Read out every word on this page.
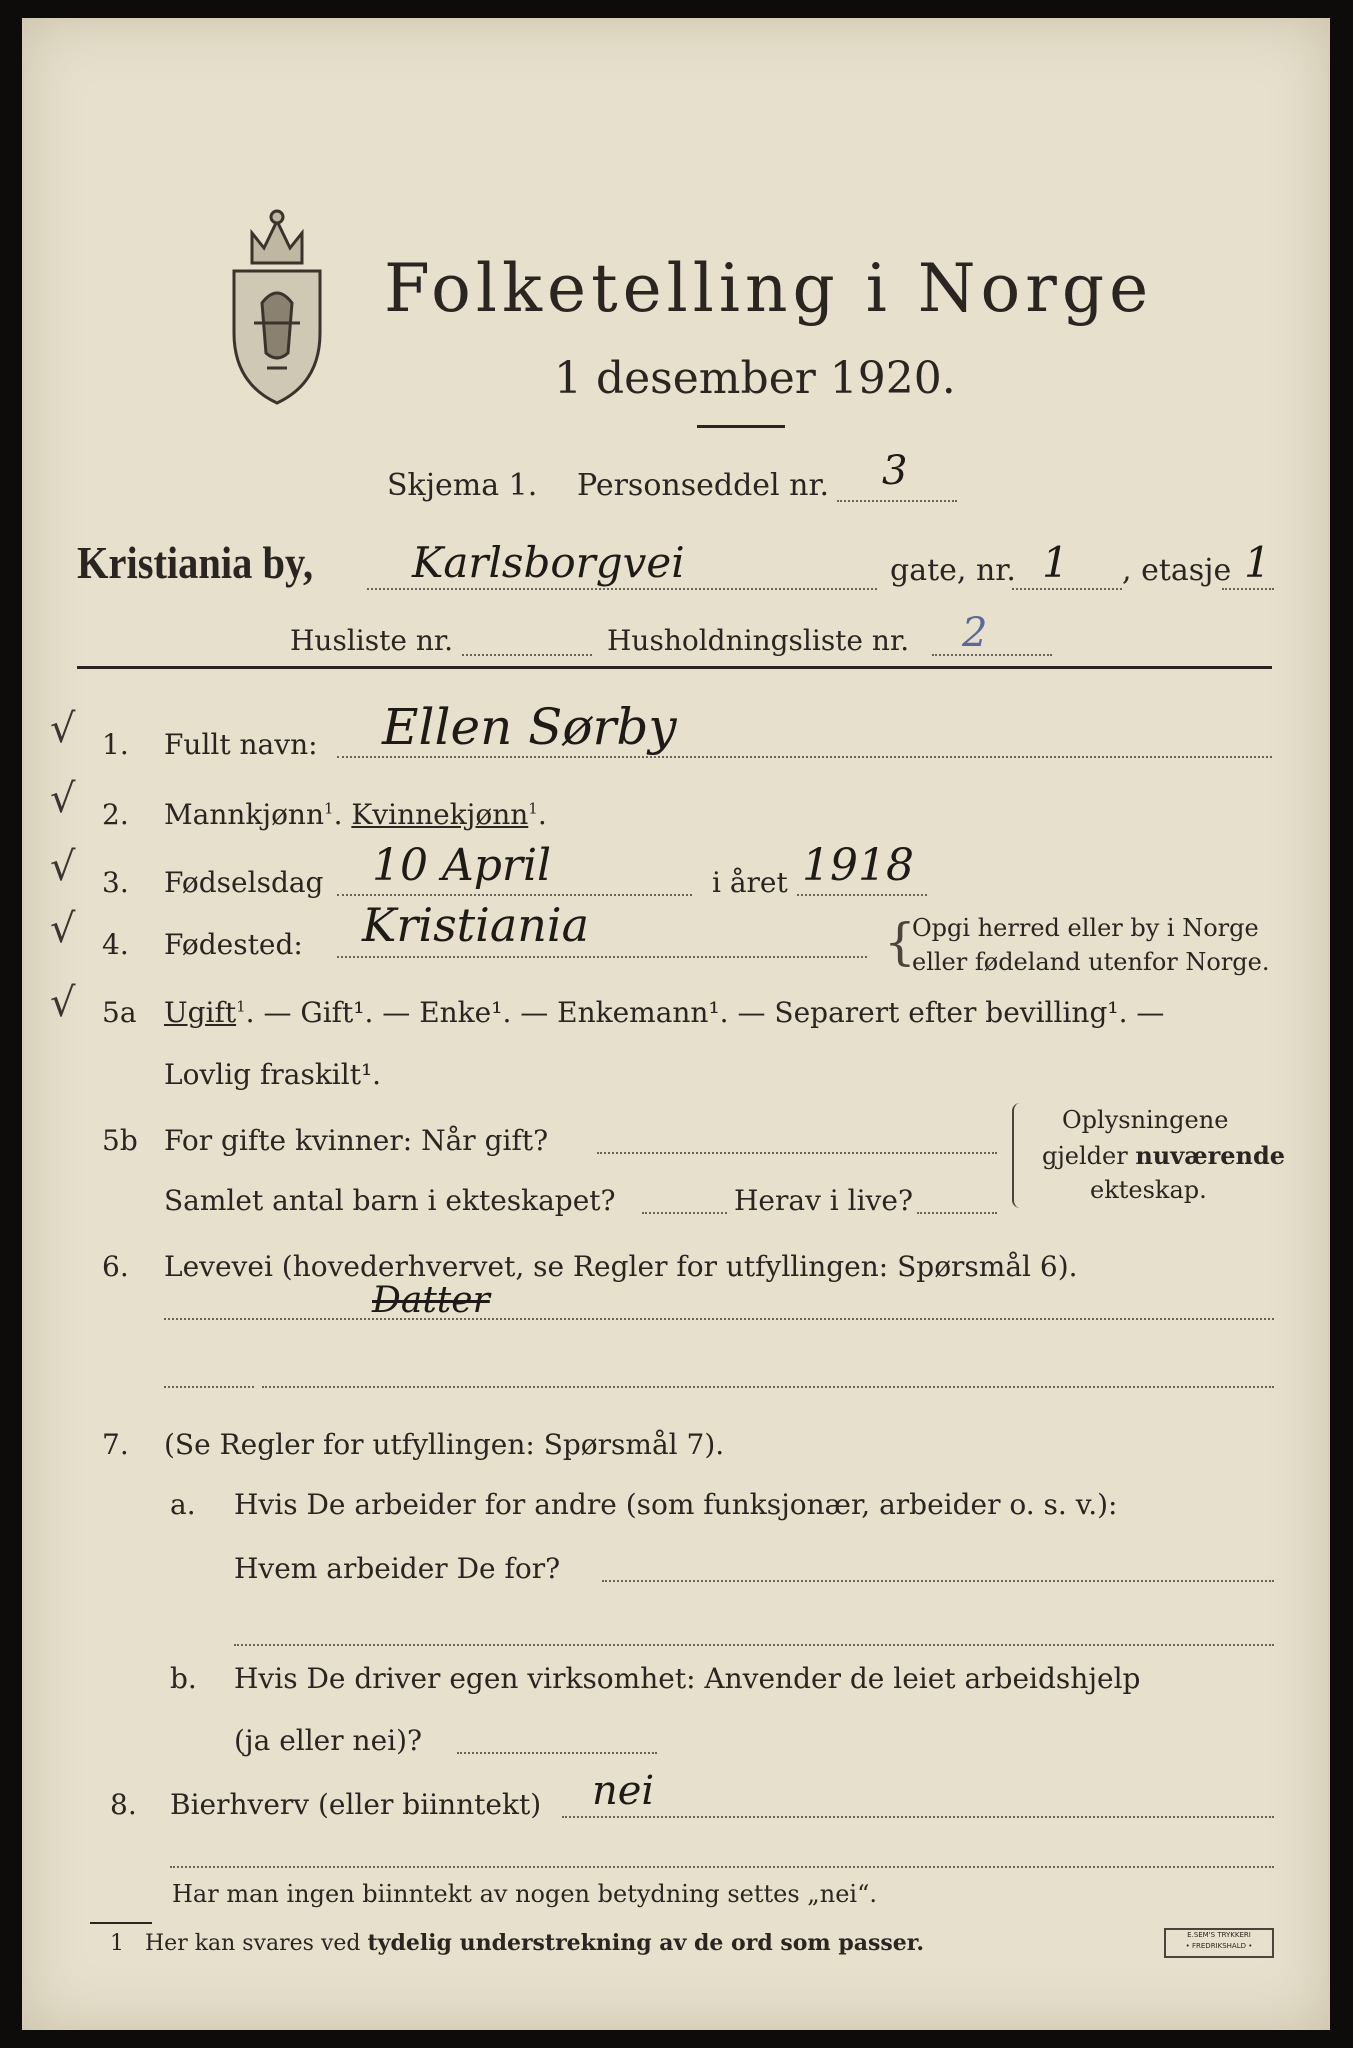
Folketelling i Norge
1 desember 1920.
Skjema 1. Personseddel nr. 3
Kristiania by, Karlsborgvei	gate, nr. 1 , etasje 1
Husliste nr.	Husholdningsliste nr. 2
√ 1. Fullt navn: Ellen Sørby
√ 2. Mannkjønn$^1$. Kvinnekjønn$^1$.
√ 3. Fødselsdag 10 April	i året 1918
√ 4. Fødested: Kristiania	{
Opgi herred eller by i Norge
eller fødeland utenfor Norge.
√ 5a Ugift$^1$. — Gift¹. — Enke¹. — Enkemann¹. — Separert efter bevilling¹. —
Lovlig fraskilt¹.
5b For gifte kvinner: Når gift?
Samlet antal barn i ekteskapet?	Herav i live?
Oplysningene
gjelder nuværende
ekteskap.
6. Levevei (hovederhvervet, se Regler for utfyllingen: Spørsmål 6).
Datter
7. (Se Regler for utfyllingen: Spørsmål 7).
a. Hvis De arbeider for andre (som funksjonær, arbeider o. s. v.):
Hvem arbeider De for?
b. Hvis De driver egen virksomhet: Anvender de leiet arbeidshjelp
(ja eller nei)?
8. Bierhverv (eller biinntekt) nei
Har man ingen biinntekt av nogen betydning settes „nei“.
1 Her kan svares ved tydelig understrekning av de ord som passer.	E.SEM'S TRYKKERI
• FREDRIKSHALD •
